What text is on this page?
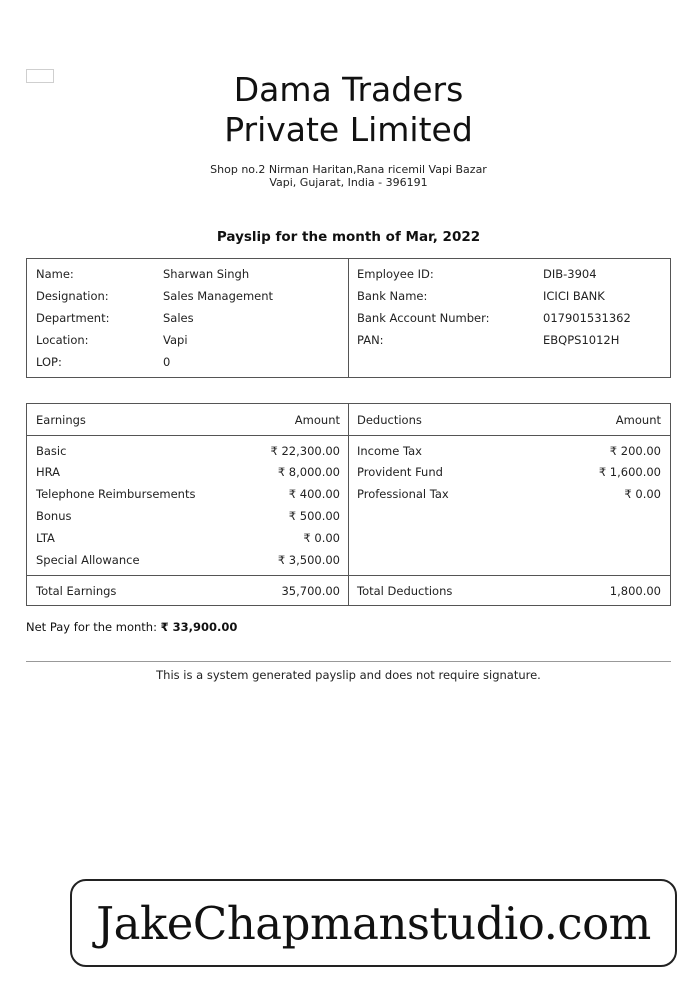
Dama Traders
Private Limited
Shop no.2 Nirman Haritan,Rana ricemil Vapi Bazar
Vapi, Gujarat, India - 396191
Payslip for the month of Mar, 2022
Name:	Sharwan Singh
Designation:	Sales Management
Department:	Sales
Location:	Vapi
LOP:	0
Employee ID:	DIB-3904
Bank Name:	ICICI BANK
Bank Account Number:	017901531362
PAN:	EBQPS1012H
Earnings	Amount Deductions	Amount
Basic	₹ 22,300.00
HRA	₹ 8,000.00
Telephone Reimbursements	₹ 400.00
Bonus	₹ 500.00
LTA	₹ 0.00
Special Allowance	₹ 3,500.00
Income Tax	₹ 200.00
Provident Fund	₹ 1,600.00
Professional Tax	₹ 0.00
Total Earnings	35,700.00 Total Deductions	1,800.00
Net Pay for the month: ₹ 33,900.00
This is a system generated payslip and does not require signature.
JakeChapmanstudio.com
